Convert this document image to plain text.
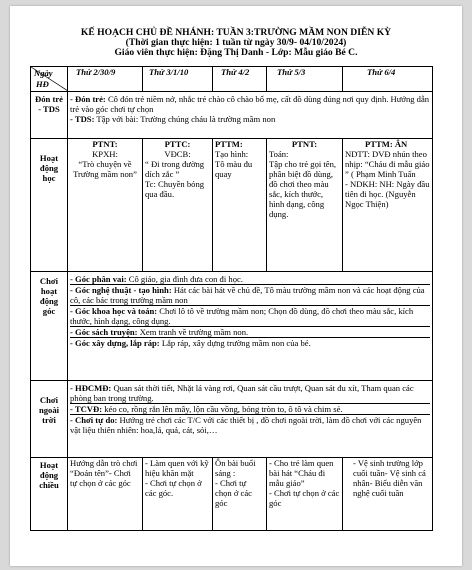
KẾ HOẠCH CHỦ ĐỀ NHÁNH: TUẦN 3:TRƯỜNG MẦM NON DIỄN KỲ
(Thời gian thực hiện: 1 tuần từ ngày 30/9- 04/10/2024)
Giáo viên thực hiện: Đặng Thị Danh - Lớp: Mẫu giáo Bé C.
Ngày
HĐ	Thứ 2/30/9	Thứ 3/1/10	Thứ 4/2	Thứ 5/3	Thứ 6/4
Đón trẻ - TDS	- Đón trẻ: Cô đón trẻ niềm nở, nhắc trẻ chào cô chào bố mẹ, cất đồ dùng đúng nơi quy định. Hướng dẫn trẻ vào góc chơi tự chọn
- TDS: Tập với bài: Trường chúng cháu là trường mầm non				

Hoạt động học	PTNT:
KPXH:
“Trò chuyện về Trường mầm non”	PTTC:
VĐCB:
“ Đi trong đường dích zắc ”
Tc: Chuyền bóng qua đầu.	PTTM:
Tạo hình:
Tô màu đu quay	PTNT:
Toán:
Tập cho trẻ gọi tên, phân biệt đồ dùng, đồ chơi theo màu sắc, kích thước, hình dạng, công dụng.	PTTM: ÂN
NDTT: DVĐ nhún theo nhịp: “Cháu đi mẫu giáo ” ( Phạm Minh Tuấn
- NDKH: NH: Ngày đầu tiên đi học. (Nguyễn Ngọc Thiện)

Chơi hoạt động góc	- Góc phân vai: Cô giáo, gia đình đưa con đi học.
- Góc nghệ thuật - tạo hình: Hát các bài hát về chủ đề, Tô màu trường mầm non và các hoạt động của cô, các bác trong trường mầm non
- Góc khoa học và toán: Chơi lô tô về trường mầm non; Chọn đồ dùng, đồ chơi theo màu sắc, kích thước, hình dạng, công dụng.
- Góc sách truyện: Xem tranh về trường mầm non.
- Góc xây dựng, lắp ráp: Lắp ráp, xây dựng trường mầm non của bé.				

Chơi ngoài trời	- HĐCMĐ: Quan sát thời tiết, Nhặt lá vàng rơi, Quan sát cầu trượt, Quan sát đu xít, Tham quan các phòng ban trong trường.
- TCVĐ: kéo co, rồng rắn lên mây, lộn cầu vồng, bóng tròn to, ô tô và chim sẻ.
- Chơi tự do: Hướng trẻ chơi các T/C với các thiết bị , đồ chơi ngoài trời, làm đồ chơi với các nguyên vật liệu thiên nhiên: hoa,lá, quả, cát, sỏi,…				

Hoạt động chiều	Hướng dẫn trò chơi “Đoán tên”- Chơi tự chọn ở các góc	- Làm quen với kỹ hiệu khăn mặt
- Chơi tự chọn ở các góc.	Ôn bài buổi sáng :
- Chơi tự chọn ở các góc	- Cho trẻ làm quen bài hát “Cháu đi mẫu giáo”
- Chơi tự chọn ở các góc	- Vệ sinh trường lớp cuối tuần- Vệ sinh cá nhân- Biểu diễn văn nghệ cuối tuần
